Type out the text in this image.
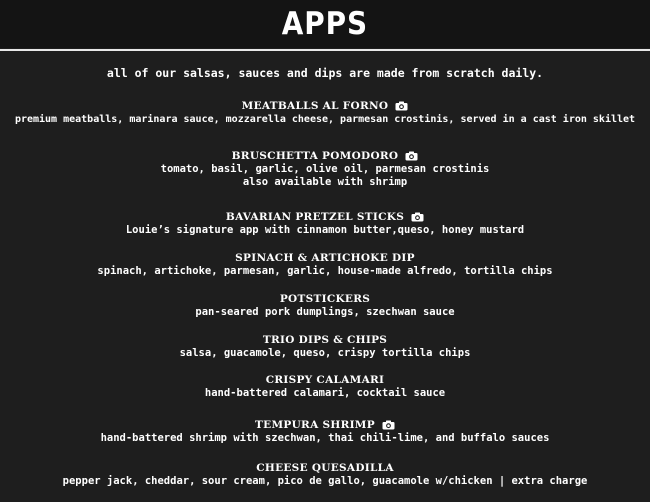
APPS
all of our salsas, sauces and dips are made from scratch daily.
MEATBALLS AL FORNO
premium meatballs, marinara sauce, mozzarella cheese, parmesan crostinis, served in a cast iron skillet
BRUSCHETTA POMODORO
tomato, basil, garlic, olive oil, parmesan crostinis
also available with shrimp
BAVARIAN PRETZEL STICKS
Louie’s signature app with cinnamon butter,queso, honey mustard
SPINACH & ARTICHOKE DIP
spinach, artichoke, parmesan, garlic, house-made alfredo, tortilla chips
POTSTICKERS
pan-seared pork dumplings, szechwan sauce
TRIO DIPS & CHIPS
salsa, guacamole, queso, crispy tortilla chips
CRISPY CALAMARI
hand-battered calamari, cocktail sauce
TEMPURA SHRIMP
hand-battered shrimp with szechwan, thai chili-lime, and buffalo sauces
CHEESE QUESADILLA
pepper jack, cheddar, sour cream, pico de gallo, guacamole w/chicken | extra charge
